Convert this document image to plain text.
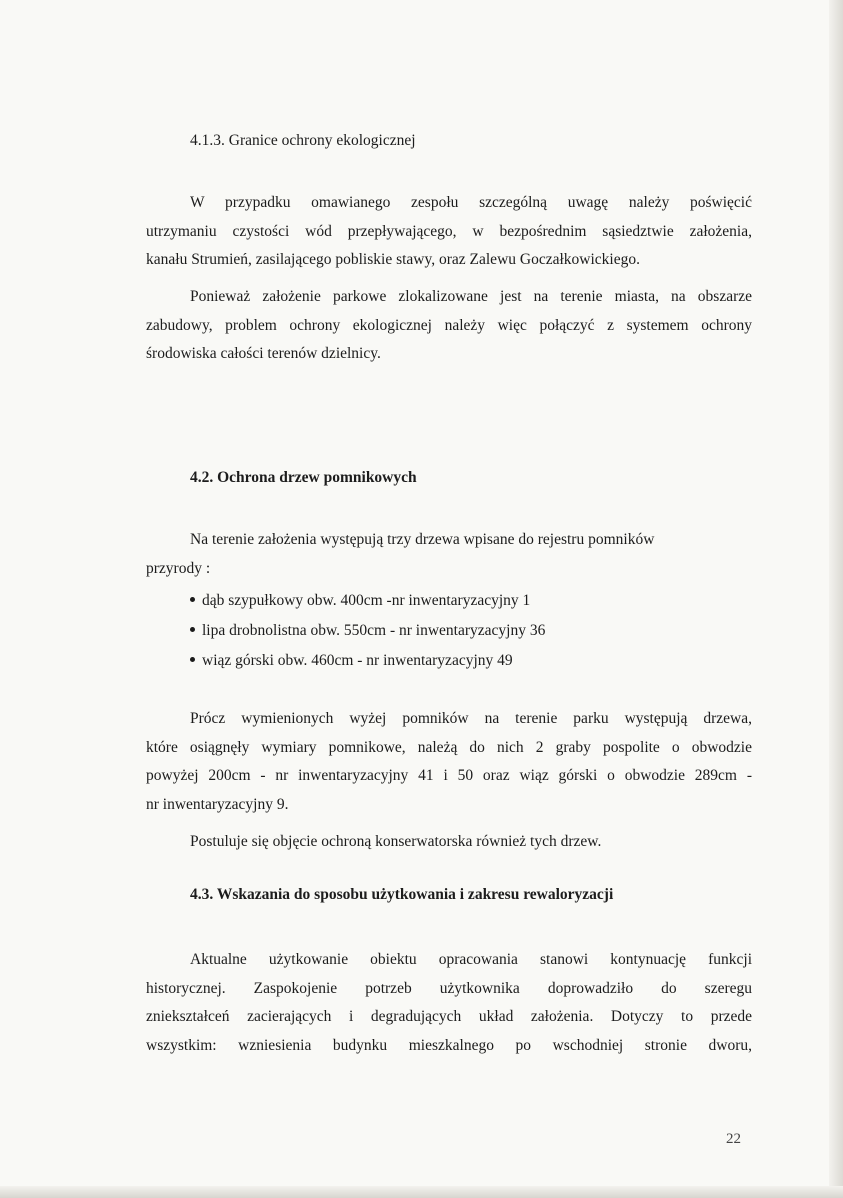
4.1.3. Granice ochrony ekologicznej

W przypadku omawianego zespołu szczególną uwagę należy poświęcić
utrzymaniu czystości wód przepływającego, w bezpośrednim sąsiedztwie założenia,
kanału Strumień, zasilającego pobliskie stawy, oraz Zalewu Goczałkowickiego.
Ponieważ założenie parkowe zlokalizowane jest na terenie miasta, na obszarze
zabudowy, problem ochrony ekologicznej należy więc połączyć z systemem ochrony
środowiska całości terenów dzielnicy.

4.2. Ochrona drzew pomnikowych

Na terenie założenia występują trzy drzewa wpisane do rejestru pomników
przyrody :
dąb szypułkowy obw. 400cm -nr inwentaryzacyjny 1
lipa drobnolistna obw. 550cm - nr inwentaryzacyjny 36
wiąz górski obw. 460cm - nr inwentaryzacyjny 49
Prócz wymienionych wyżej pomników na terenie parku występują drzewa,
które osiągnęły wymiary pomnikowe, należą do nich 2 graby pospolite o obwodzie
powyżej 200cm - nr inwentaryzacyjny 41 i 50 oraz wiąz górski o obwodzie 289cm -
nr inwentaryzacyjny 9.
Postuluje się objęcie ochroną konserwatorska również tych drzew.

4.3. Wskazania do sposobu użytkowania i zakresu rewaloryzacji

Aktualne użytkowanie obiektu opracowania stanowi kontynuację funkcji
historycznej. Zaspokojenie potrzeb użytkownika doprowadziło do szeregu
zniekształceń zacierających i degradujących układ założenia. Dotyczy to przede
wszystkim: wzniesienia budynku mieszkalnego po wschodniej stronie dworu,
22
